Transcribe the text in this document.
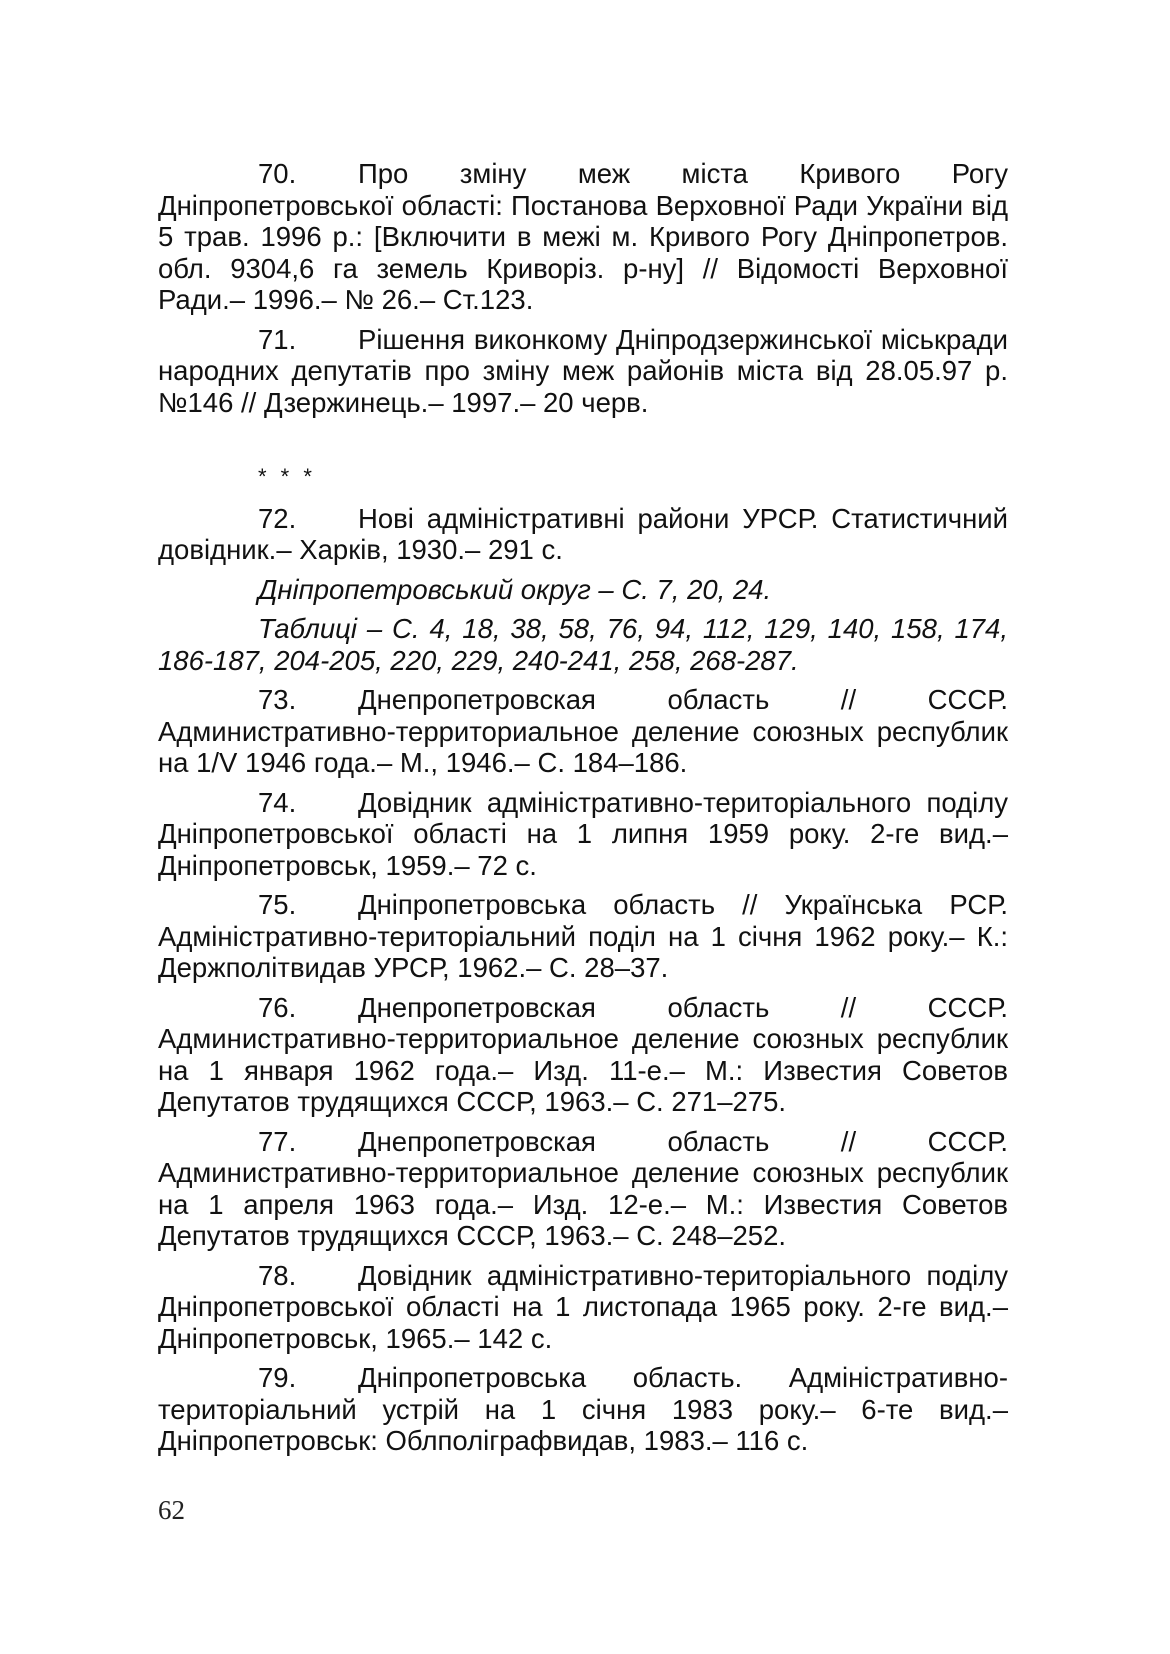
70. Про зміну меж міста Кривого Рогу Дніпропетровської області: Постанова Верховної Ради України від 5 трав. 1996 р.: [Включити в межі м. Кривого Рогу Дніпропетров. обл. 9304,6 га земель Криворіз. р-ну] // Відомості Верховної Ради.– 1996.– № 26.– Ст.123.

71. Рішення виконкому Дніпродзержинської міськради народних депутатів про зміну меж районів міста від 28.05.97 р. №146 // Дзержинець.– 1997.– 20 черв.

* * *

72. Нові адміністративні райони УРСР. Статистичний довідник.– Харків, 1930.– 291 с.

Дніпропетровський округ – С. 7, 20, 24.

Таблиці – С. 4, 18, 38, 58, 76, 94, 112, 129, 140, 158, 174, 186-187, 204-205, 220, 229, 240-241, 258, 268-287.

73. Днепропетровская область // СССР. Административно-территориальное деление союзных республик на 1/V 1946 года.– М., 1946.– С. 184–186.

74. Довідник адміністративно-територіального поділу Дніпропетровської області на 1 липня 1959 року. 2-ге вид.– Дніпропетровськ, 1959.– 72 с.

75. Дніпропетровська область // Українська РСР. Адміністративно-територіальний поділ на 1 січня 1962 року.– К.: Держполітвидав УРСР, 1962.– С. 28–37.

76. Днепропетровская область // СССР. Административно-территориальное деление союзных республик на 1 января 1962 года.– Изд. 11-е.– М.: Известия Советов Депутатов трудящихся СССР, 1963.– С. 271–275.

77. Днепропетровская область // СССР. Административно-территориальное деление союзных республик на 1 апреля 1963 года.– Изд. 12-е.– М.: Известия Советов Депутатов трудящихся СССР, 1963.– С. 248–252.

78. Довідник адміністративно-територіального поділу Дніпропетровської області на 1 листопада 1965 року. 2-ге вид.– Дніпропетровськ, 1965.– 142 с.

79. Дніпропетровська область. Адміністративно-територіальний устрій на 1 січня 1983 року.– 6-те вид.– Дніпропетровськ: Облполіграфвидав, 1983.– 116 с.

62
